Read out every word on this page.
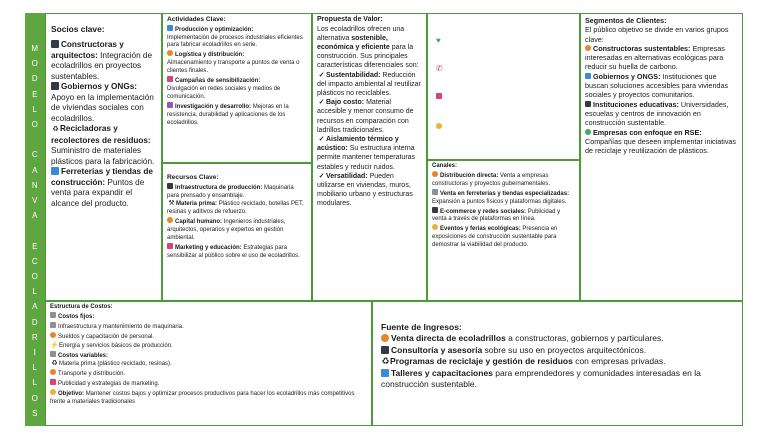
M
O
D
E
L
O

C
A
N
V
A

E
C
O
L
A
D
R
I
L
L
O
S
Socios clave:
Constructoras y arquitectos: Integración de ecoladrillos en proyectos sustentables.
Gobiernos y ONGs: Apoyo en la implementación de viviendas sociales con ecoladrillos.
♻Recicladoras y recolectores de residuos: Suministro de materiales plásticos para la fabricación.
Ferreterías y tiendas de construcción: Puntos de venta para expandir el alcance del producto.
Actividades Clave:
Producción y optimización:
Implementación de procesos industriales eficientes para fabricar ecoladrillos en serie.
Logística y distribución:
Almacenamiento y transporte a puntos de venta o clientes finales.
Campañas de sensibilización:
Divulgación en redes sociales y medios de comunicación.
Investigación y desarrollo: Mejoras en la resistencia, durabilidad y aplicaciones de los ecoladrillos.
Recursos Clave:
Infraestructura de producción: Maquinaria para prensado y ensamblaje.
⚒Materia prima: Plástico reciclado, botellas PET, resinas y aditivos de refuerzo.
Capital humano: Ingenieros industriales, arquitectos, operarios y expertos en gestión ambiental.
Marketing y educación: Estrategias para sensibilizar al público sobre el uso de ecoladrillos.
Propuesta de Valor:
Los ecoladrillos ofrecen una alternativa sostenible, económica y eficiente para la construcción. Sus principales características diferenciales son:
✓ Sustentabilidad: Reducción del impacto ambiental al reutilizar plásticos no reciclables.
✓ Bajo costo: Material accesible y menor consumo de recursos en comparación con ladrillos tradicionales.
✓ Aislamiento térmico y acústico: Su estructura interna permite mantener temperaturas estables y reducir ruidos.
✓ Versatilidad: Pueden utilizarse en viviendas, muros, mobiliario urbano y estructuras modulares.
♥
✆
Canales:
Distribución directa: Venta a empresas constructoras y proyectos gubernamentales.
Venta en ferreterías y tiendas especializadas: Expansión a puntos físicos y plataformas digitales.
E-commerce y redes sociales: Publicidad y venta a través de plataformas en línea.
Eventos y ferias ecológicas: Presencia en exposiciones de construcción sustentable para demostrar la viabilidad del producto.
Segmentos de Clientes:
El público objetivo se divide en varios grupos clave:
Constructoras sustentables: Empresas interesadas en alternativas ecológicas para reducir su huella de carbono.
Gobiernos y ONGS: Instituciones que buscan soluciones accesibles para viviendas sociales y proyectos comunitarios.
Instituciones educativas: Universidades, escuelas y centros de innovación en construcción sustentable.
Empresas con enfoque en RSE: Compañías que deseen implementar iniciativas de reciclaje y reutilización de plásticos.
Estructura de Costos:
Costos fijos:
Infraestructura y mantenimiento de maquinaria.
Sueldos y capacitación de personal.
⚡Energía y servicios básicos de producción.
Costos variables:
♻Materia prima (plástico reciclado, resinas).
Transporte y distribución.
Publicidad y estrategias de marketing.
Objetivo: Mantener costos bajos y optimizar procesos productivos para hacer los ecoladrillos más competitivos frente a materiales tradicionales
Fuente de Ingresos:
Venta directa de ecoladrillos a constructoras, gobiernos y particulares.
Consultoría y asesoría sobre su uso en proyectos arquitectónicos.
♻Programas de reciclaje y gestión de residuos con empresas privadas.
Talleres y capacitaciones para emprendedores y comunidades interesadas en la construcción sustentable.
